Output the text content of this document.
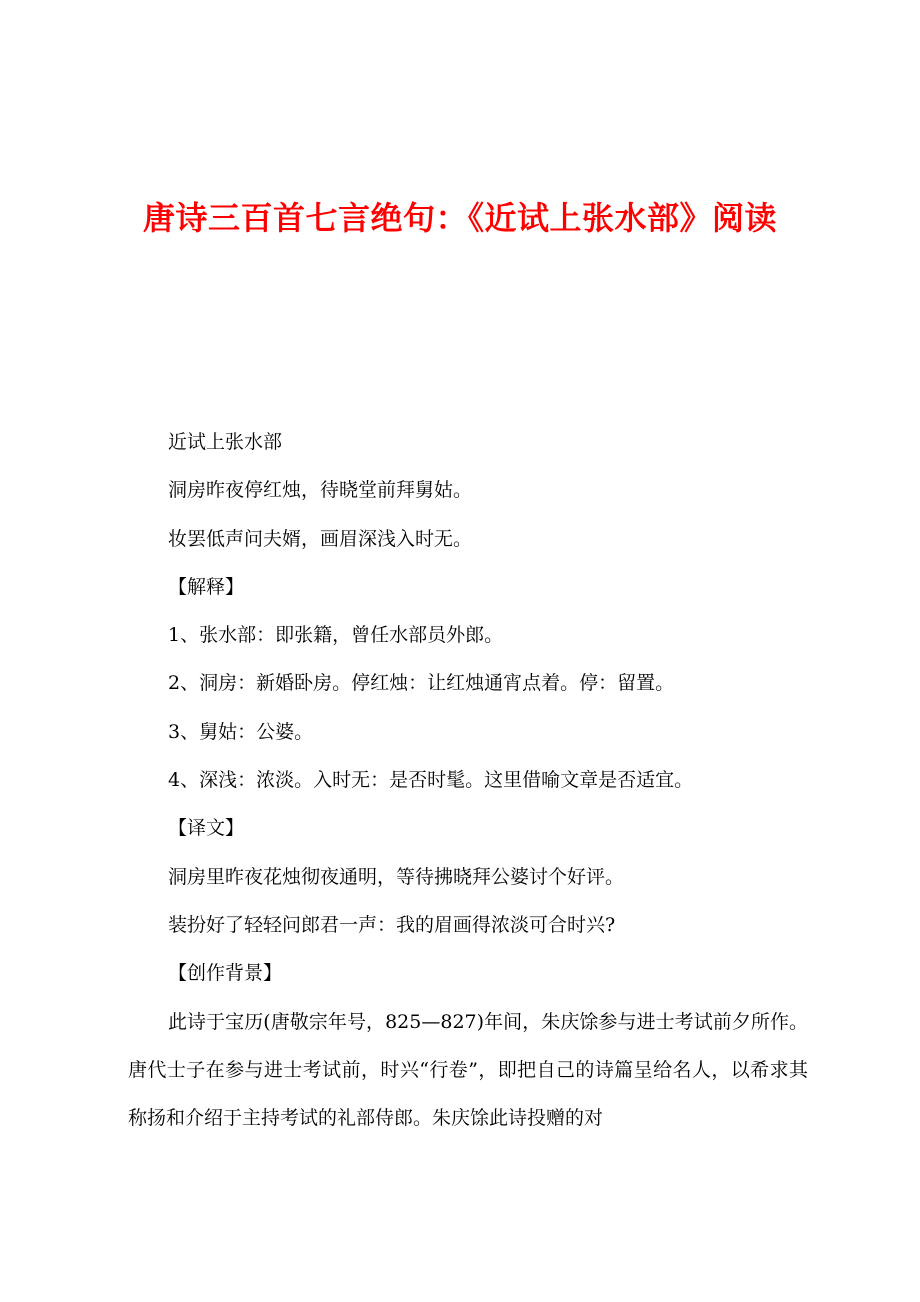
唐诗三百首七言绝句：《近试上张水部》阅读
近试上张水部
洞房昨夜停红烛，待晓堂前拜舅姑。
妆罢低声问夫婿，画眉深浅入时无。
【解释】
1、张水部：即张籍，曾任水部员外郎。
2、洞房：新婚卧房。停红烛：让红烛通宵点着。停：留置。
3、舅姑：公婆。
4、深浅：浓淡。入时无：是否时髦。这里借喻文章是否适宜。
【译文】
洞房里昨夜花烛彻夜通明，等待拂晓拜公婆讨个好评。
装扮好了轻轻问郎君一声：我的眉画得浓淡可合时兴?
【创作背景】

此诗于宝历(唐敬宗年号，825—827)年间，朱庆馀参与进士考试前夕所作。唐代士子在参与进士考试前，时兴“行卷”，即把自己的诗篇呈给名人，以希求其称扬和介绍于主持考试的礼部侍郎。朱庆馀此诗投赠的对
